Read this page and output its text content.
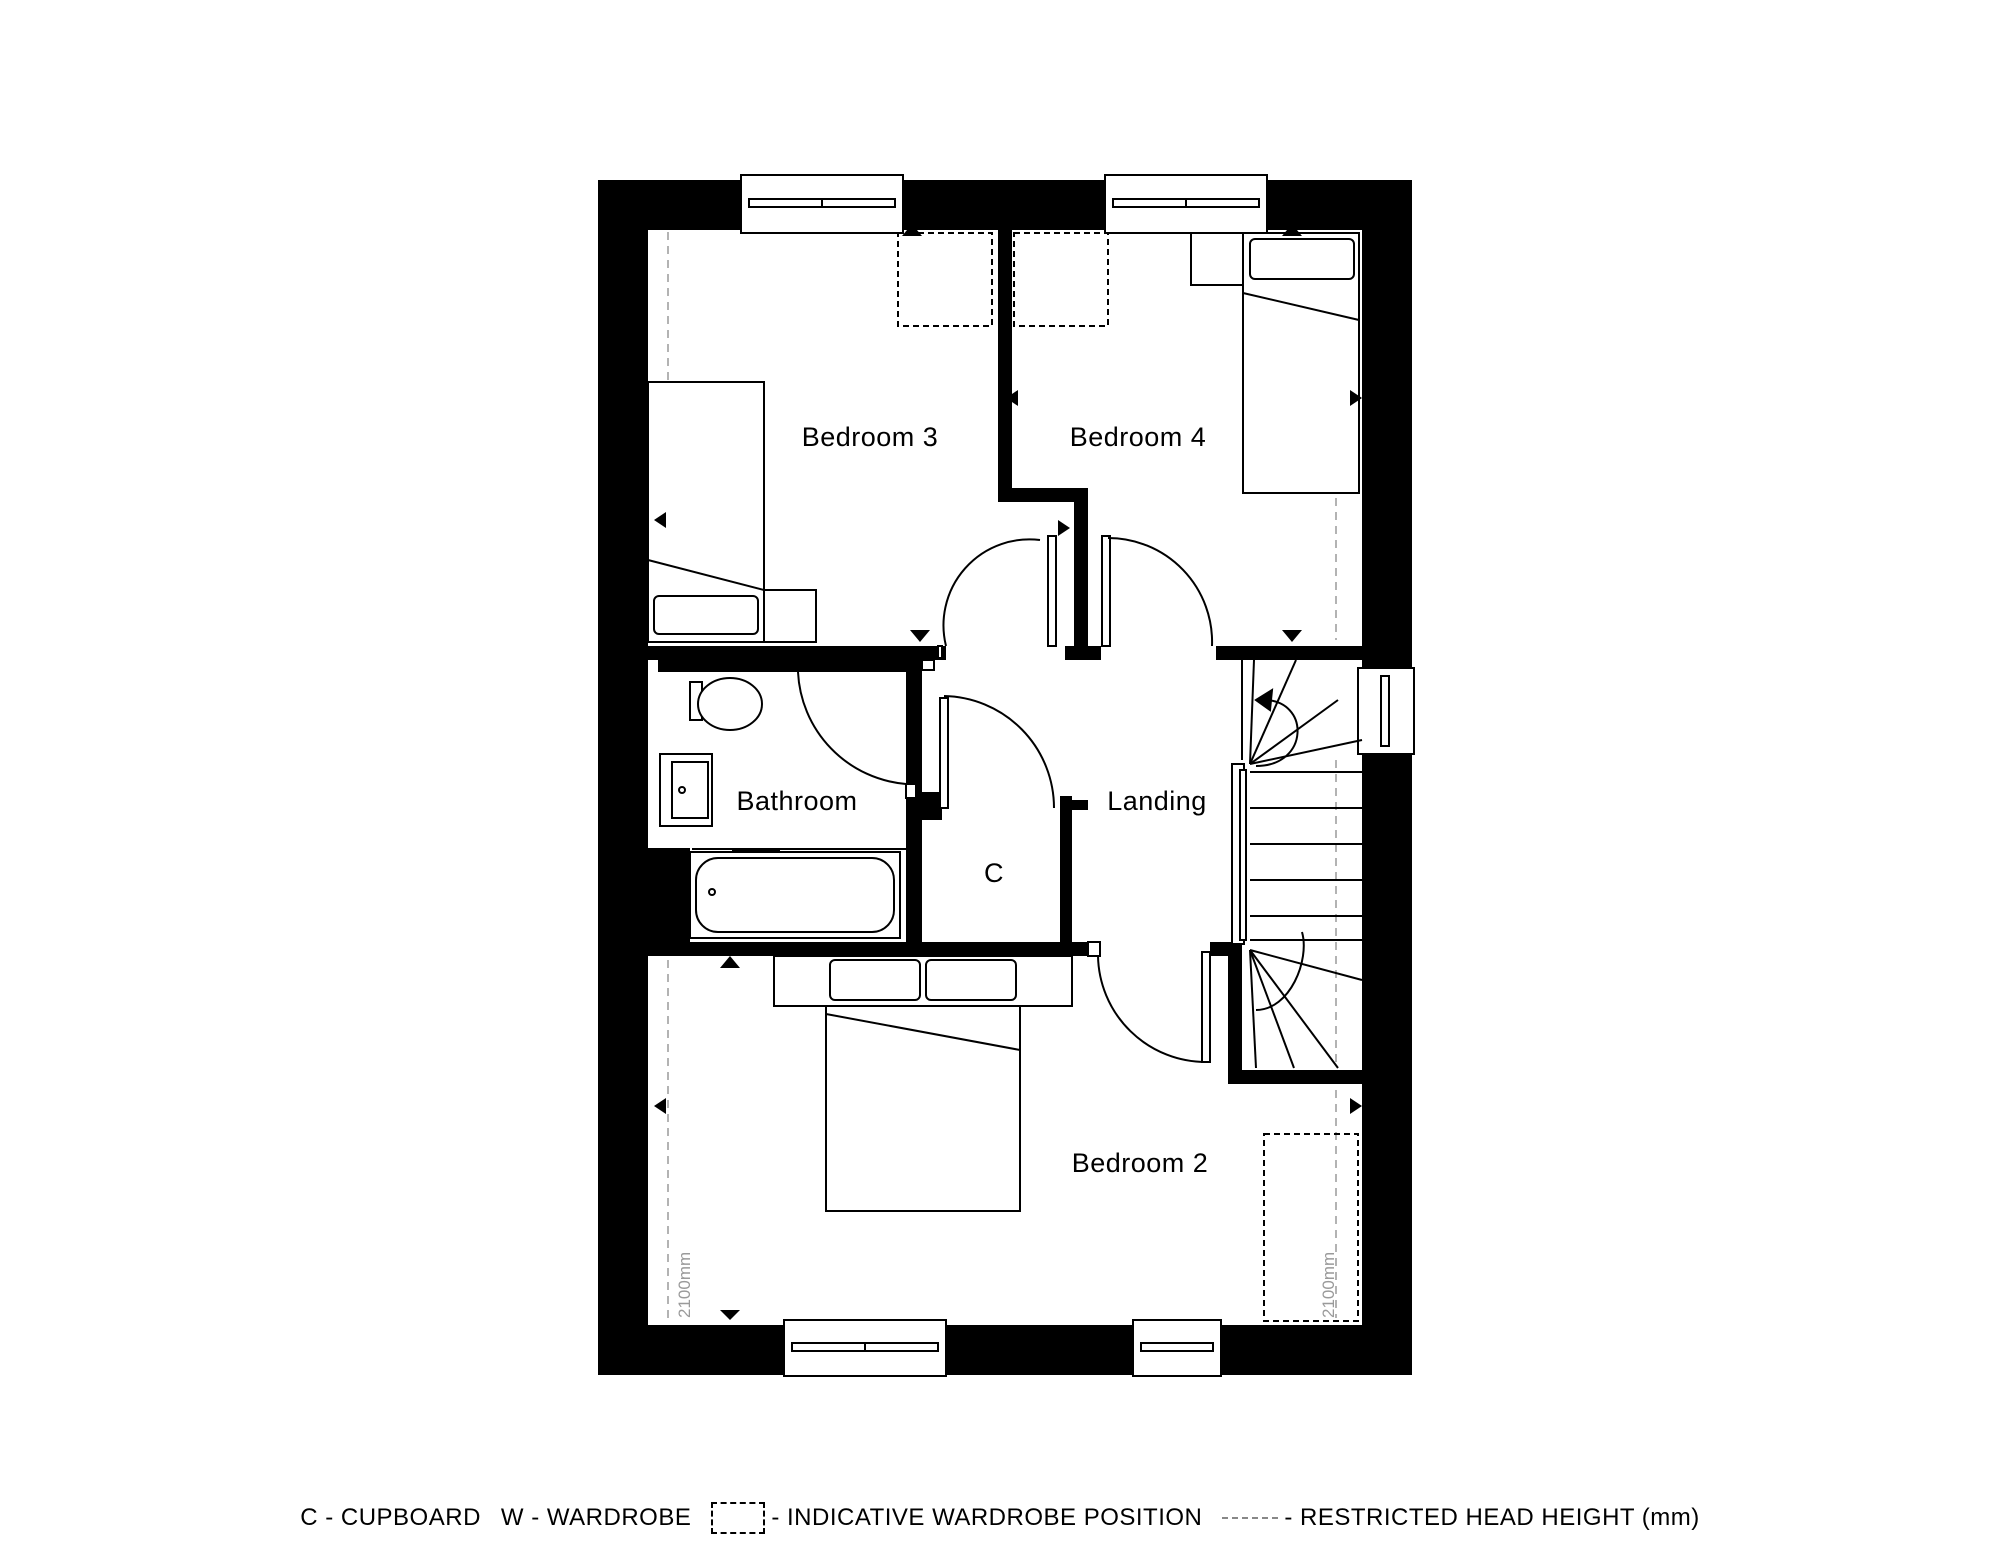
Bedroom 3	Bedroom 4
Bathroom	Landing
C
Bedroom 2
2100mm	2100mm
C - CUPBOARD W - WARDROBE	- INDICATIVE WARDROBE POSITION	- RESTRICTED HEAD HEIGHT (mm)
